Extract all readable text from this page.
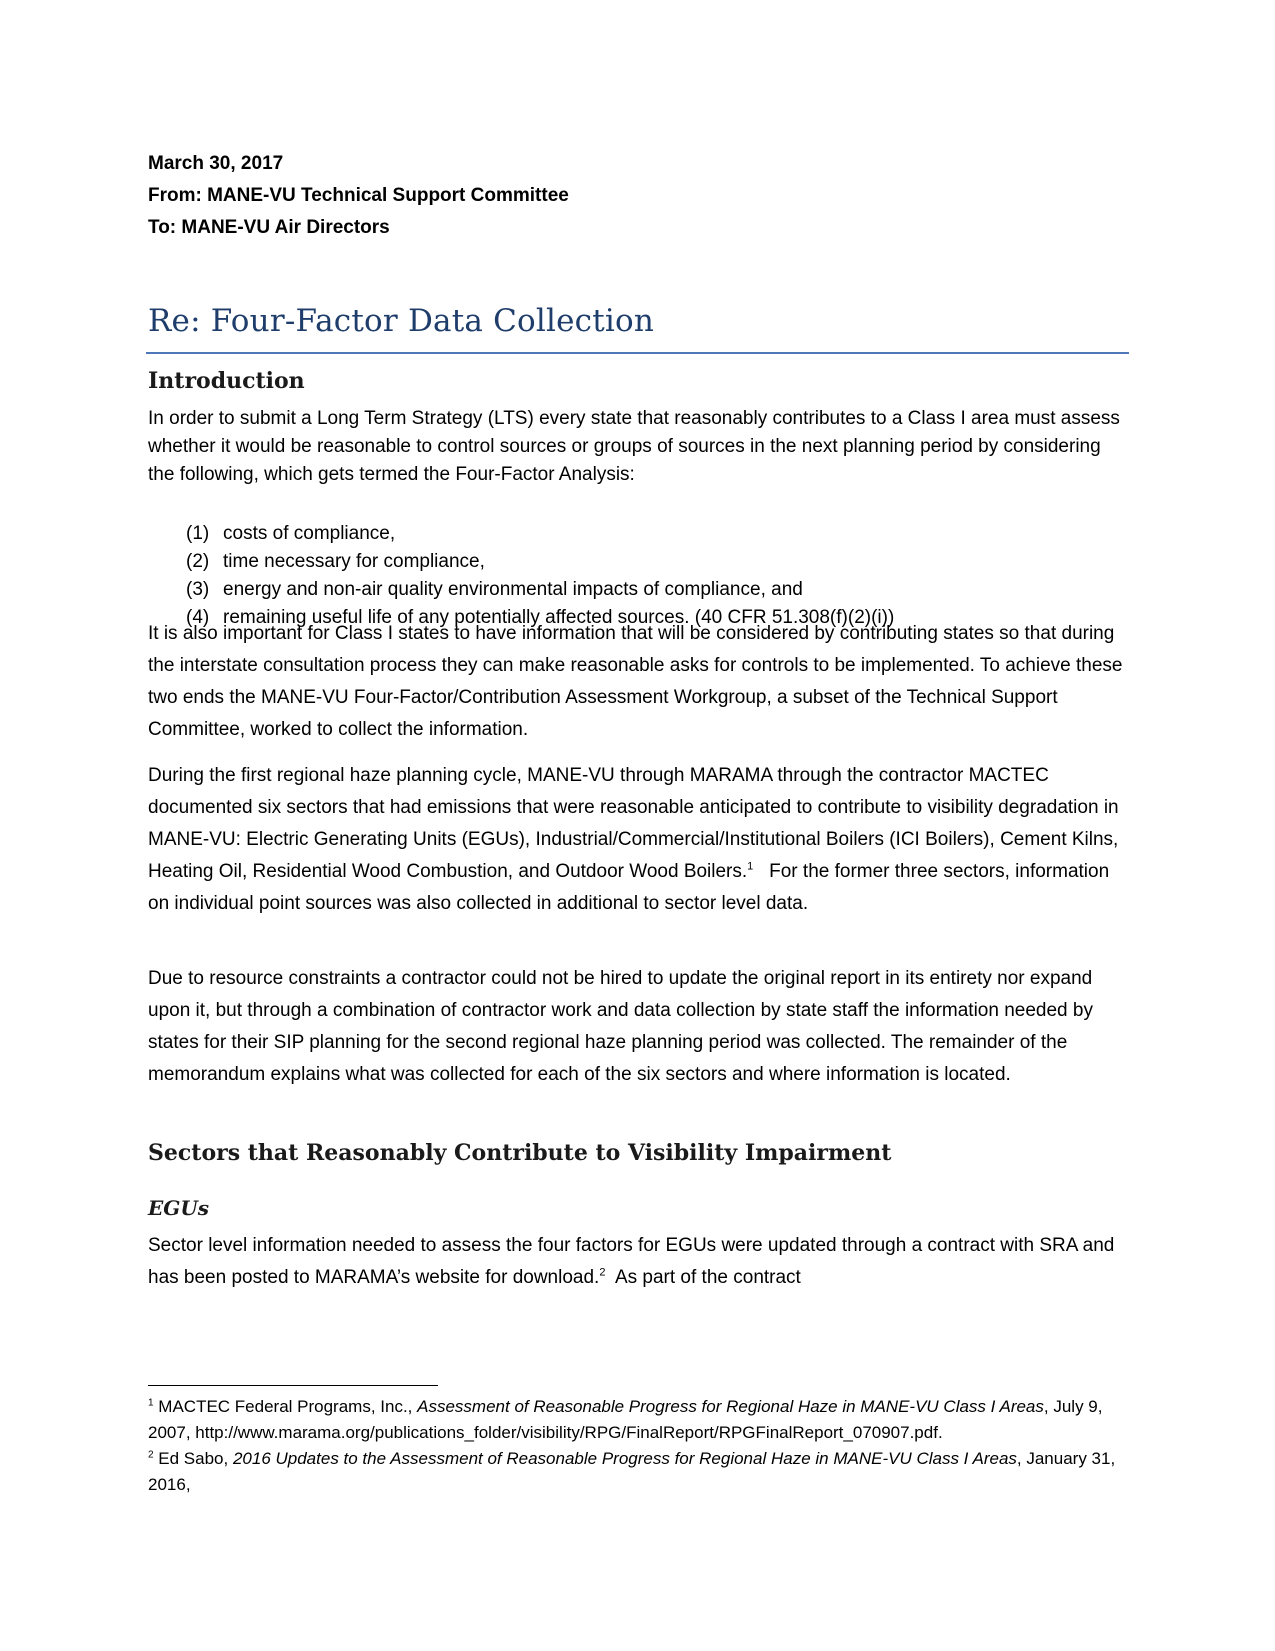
March 30, 2017
From: MANE-VU Technical Support Committee
To: MANE-VU Air Directors
Re: Four-Factor Data Collection
Introduction
In order to submit a Long Term Strategy (LTS) every state that reasonably contributes to a Class I area must assess whether it would be reasonable to control sources or groups of sources in the next planning period by considering the following, which gets termed the Four-Factor Analysis:
(1) costs of compliance,
(2) time necessary for compliance,
(3) energy and non-air quality environmental impacts of compliance, and
(4) remaining useful life of any potentially affected sources. (40 CFR 51.308(f)(2)(i))
It is also important for Class I states to have information that will be considered by contributing states so that during the interstate consultation process they can make reasonable asks for controls to be implemented. To achieve these two ends the MANE-VU Four-Factor/Contribution Assessment Workgroup, a subset of the Technical Support Committee, worked to collect the information.
During the first regional haze planning cycle, MANE-VU through MARAMA through the contractor MACTEC documented six sectors that had emissions that were reasonable anticipated to contribute to visibility degradation in MANE-VU: Electric Generating Units (EGUs), Industrial/Commercial/Institutional Boilers (ICI Boilers), Cement Kilns, Heating Oil, Residential Wood Combustion, and Outdoor Wood Boilers.$^1$   For the former three sectors, information on individual point sources was also collected in additional to sector level data.
Due to resource constraints a contractor could not be hired to update the original report in its entirety nor expand upon it, but through a combination of contractor work and data collection by state staff the information needed by states for their SIP planning for the second regional haze planning period was collected. The remainder of the memorandum explains what was collected for each of the six sectors and where information is located.
Sectors that Reasonably Contribute to Visibility Impairment
EGUs
Sector level information needed to assess the four factors for EGUs were updated through a contract with SRA and has been posted to MARAMA’s website for download.$^2$  As part of the contract

$^1$ MACTEC Federal Programs, Inc., Assessment of Reasonable Progress for Regional Haze in MANE-VU Class I Areas, July 9, 2007, http://www.marama.org/publications_folder/visibility/RPG/FinalReport/RPGFinalReport_070907.pdf.

$^2$ Ed Sabo, 2016 Updates to the Assessment of Reasonable Progress for Regional Haze in MANE-VU Class I Areas, January 31, 2016,
